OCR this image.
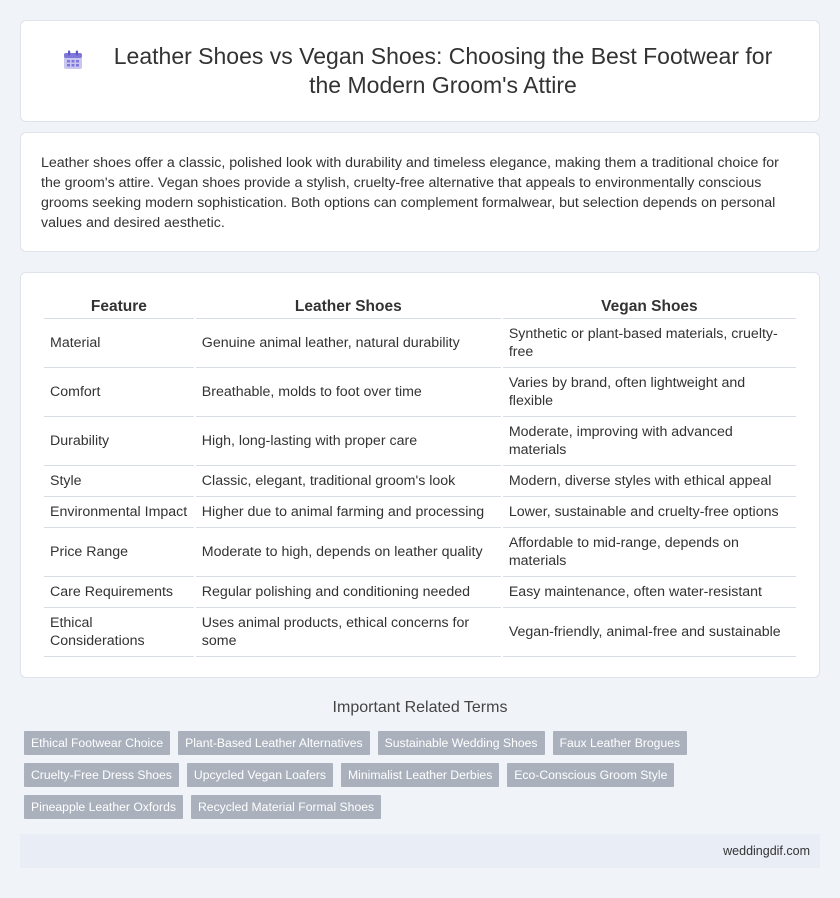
Leather Shoes vs Vegan Shoes: Choosing the Best Footwear for the Modern Groom's Attire

Leather shoes offer a classic, polished look with durability and timeless elegance, making them a traditional choice for the groom's attire. Vegan shoes provide a stylish, cruelty-free alternative that appeals to environmentally conscious grooms seeking modern sophistication. Both options can complement formalwear, but selection depends on personal values and desired aesthetic.

Feature	Leather Shoes	Vegan Shoes
Material	Genuine animal leather, natural durability	Synthetic or plant-based materials, cruelty-free
Comfort	Breathable, molds to foot over time	Varies by brand, often lightweight and flexible
Durability	High, long-lasting with proper care	Moderate, improving with advanced materials
Style	Classic, elegant, traditional groom's look	Modern, diverse styles with ethical appeal
Environmental Impact	Higher due to animal farming and processing	Lower, sustainable and cruelty-free options
Price Range	Moderate to high, depends on leather quality	Affordable to mid-range, depends on materials
Care Requirements	Regular polishing and conditioning needed	Easy maintenance, often water-resistant
Ethical Considerations	Uses animal products, ethical concerns for some	Vegan-friendly, animal-free and sustainable
Important Related Terms
Ethical Footwear Choice	Plant-Based Leather Alternatives	Sustainable Wedding Shoes	Faux Leather Brogues
Cruelty-Free Dress Shoes	Upcycled Vegan Loafers	Minimalist Leather Derbies	Eco-Conscious Groom Style
Pineapple Leather Oxfords	Recycled Material Formal Shoes
weddingdif.com
